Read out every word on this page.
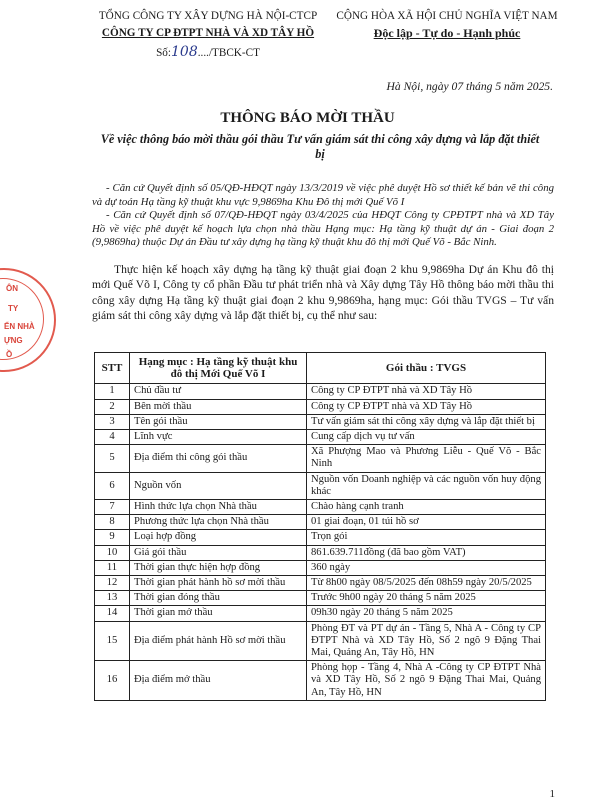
TỔNG CÔNG TY XÂY DỰNG HÀ NỘI-CTCP
CÔNG TY CP ĐTPT NHÀ VÀ XD TÂY HỒ
Số:108..../TBCK-CT
CỘNG HÒA XÃ HỘI CHỦ NGHĨA VIỆT NAM
Độc lập - Tự do - Hạnh phúc
Hà Nội, ngày 07 tháng 5 năm 2025.
THÔNG BÁO MỜI THẦU
Về việc thông báo mời thầu gói thầu Tư vấn giám sát thi công xây dựng và lắp đặt thiết bị
- Căn cứ Quyết định số 05/QĐ-HĐQT ngày 13/3/2019 về việc phê duyệt Hồ sơ thiết kế bản vẽ thi công và dự toán Hạ tầng kỹ thuật khu vực 9,9869ha Khu Đô thị mới Quế Võ I
- Căn cứ Quyết định số 07/QĐ-HĐQT ngày 03/4/2025 của HĐQT Công ty CPĐTPT nhà và XD Tây Hồ về việc phê duyệt kế hoạch lựa chọn nhà thầu Hạng mục: Hạ tầng kỹ thuật dự án - Giai đoạn 2 (9,9869ha) thuộc Dự án Đầu tư xây dựng hạ tầng kỹ thuật khu đô thị mới Quế Võ - Bắc Ninh.
Thực hiện kế hoạch xây dựng hạ tầng kỹ thuật giai đoạn 2 khu 9,9869ha Dự án Khu đô thị mới Quế Võ I, Công ty cổ phần Đầu tư phát triển nhà và Xây dựng Tây Hồ thông báo mời thầu thi công xây dựng Hạ tầng kỹ thuật giai đoạn 2 khu 9,9869ha, hạng mục: Gói thầu TVGS – Tư vấn giám sát thi công xây dựng và lắp đặt thiết bị, cụ thể như sau:
ÔN
TY
ỂN NHÀ
ỰNG
Ồ
STT	Hạng mục : Hạ tầng kỹ thuật khu đô thị Mới Quế Võ I	Gói thầu : TVGS
1	Chủ đầu tư	Công ty CP ĐTPT nhà và XD Tây Hồ
2	Bên mời thầu	Công ty CP ĐTPT nhà và XD Tây Hồ
3	Tên gói thầu	Tư vấn giám sát thi công xây dựng và lắp đặt thiết bị
4	Lĩnh vực	Cung cấp dịch vụ tư vấn
5	Địa điểm thi công gói thầu	Xã Phượng Mao và Phương Liễu - Quế Võ - Bắc Ninh
6	Nguồn vốn	Nguồn vốn Doanh nghiệp và các nguồn vốn huy động khác
7	Hình thức lựa chọn Nhà thầu	Chào hàng cạnh tranh
8	Phương thức lựa chọn Nhà thầu	01 giai đoạn, 01 túi hồ sơ
9	Loại hợp đồng	Trọn gói
10	Giá gói thầu	861.639.711đồng (đã bao gồm VAT)
11	Thời gian thực hiện hợp đồng	360 ngày
12	Thời gian phát hành hồ sơ mời thầu	Từ 8h00 ngày 08/5/2025 đến 08h59 ngày 20/5/2025
13	Thời gian đóng thầu	Trước 9h00 ngày 20 tháng 5 năm 2025
14	Thời gian mở thầu	09h30 ngày 20 tháng 5 năm 2025
15	Địa điểm phát hành Hồ sơ mời thầu	Phòng ĐT và PT dự án - Tầng 5, Nhà A - Công ty CP ĐTPT Nhà và XD Tây Hồ, Số 2 ngõ 9 Đặng Thai Mai, Quảng An, Tây Hồ, HN
16	Địa điểm mở thầu	Phòng họp - Tầng 4, Nhà A -Công ty CP ĐTPT Nhà và XD Tây Hồ, Số 2 ngõ 9 Đặng Thai Mai, Quảng An, Tây Hồ, HN
1
